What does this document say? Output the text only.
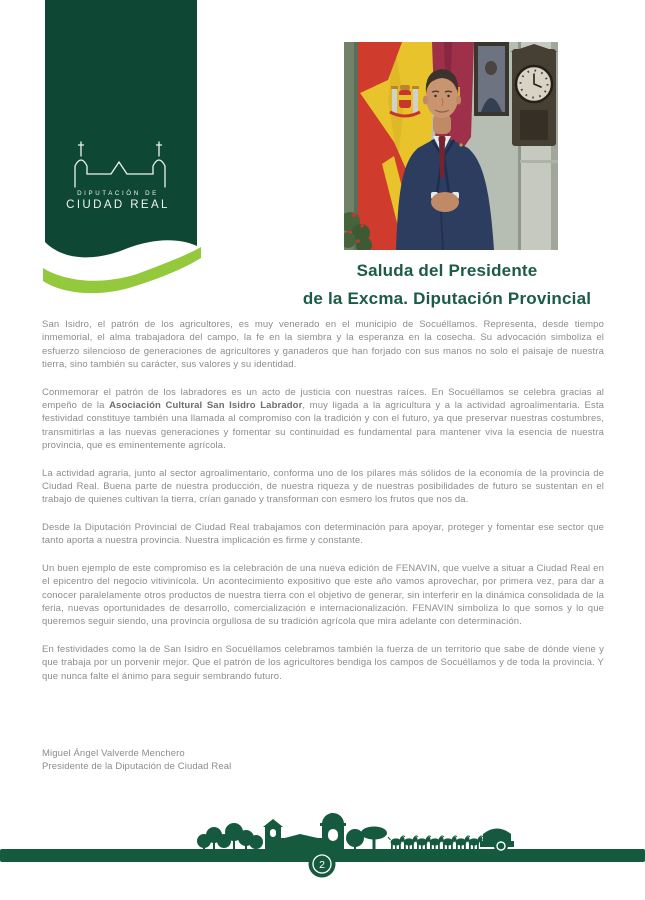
DIPUTACIÓN DE
CIUDAD REAL
Saluda del Presidente
de la Excma. Diputación Provincial

San Isidro, el patrón de los agricultores, es muy venerado en el municipio de Socuéllamos. Representa, desde tiempo inmemorial, el alma trabajadora del campo, la fe en la siembra y la esperanza en la cosecha. Su advocación simboliza el esfuerzo silencioso de generaciones de agricultores y ganaderos que han forjado con sus manos no solo el paisaje de nuestra tierra, sino también su carácter, sus valores y su identidad.

Conmemorar el patrón de los labradores es un acto de justicia con nuestras raíces. En Socuéllamos se celebra gracias al empeño de la Asociación Cultural San Isidro Labrador, muy ligada a la agricultura y a la actividad agroalimentaria. Esta festividad constituye también una llamada al compromiso con la tradición y con el futuro, ya que preservar nuestras costumbres, transmitirlas a las nuevas generaciones y fomentar su continuidad es fundamental para mantener viva la esencia de nuestra provincia, que es eminentemente agrícola.

La actividad agraria, junto al sector agroalimentario, conforma uno de los pilares más sólidos de la economía de la provincia de Ciudad Real. Buena parte de nuestra producción, de nuestra riqueza y de nuestras posibilidades de futuro se sustentan en el trabajo de quienes cultivan la tierra, crían ganado y transforman con esmero los frutos que nos da.

Desde la Diputación Provincial de Ciudad Real trabajamos con determinación para apoyar, proteger y fomentar ese sector que tanto aporta a nuestra provincia. Nuestra implicación es firme y constante.

Un buen ejemplo de este compromiso es la celebración de una nueva edición de FENAVIN, que vuelve a situar a Ciudad Real en el epicentro del negocio vitivinícola. Un acontecimiento expositivo que este año vamos aprovechar, por primera vez, para dar a conocer paralelamente otros productos de nuestra tierra con el objetivo de generar, sin interferir en la dinámica consolidada de la feria, nuevas oportunidades de desarrollo, comercialización e internacionalización. FENAVIN simboliza lo que somos y lo que queremos seguir siendo, una provincia orgullosa de su tradición agrícola que mira adelante con determinación.

En festividades como la de San Isidro en Socuéllamos celebramos también la fuerza de un territorio que sabe de dónde viene y que trabaja por un porvenir mejor. Que el patrón de los agricultores bendiga los campos de Socuéllamos y de toda la provincia. Y que nunca falte el ánimo para seguir sembrando futuro.

Miguel Ángel Valverde Menchero
Presidente de la Diputación de Ciudad Real
2
